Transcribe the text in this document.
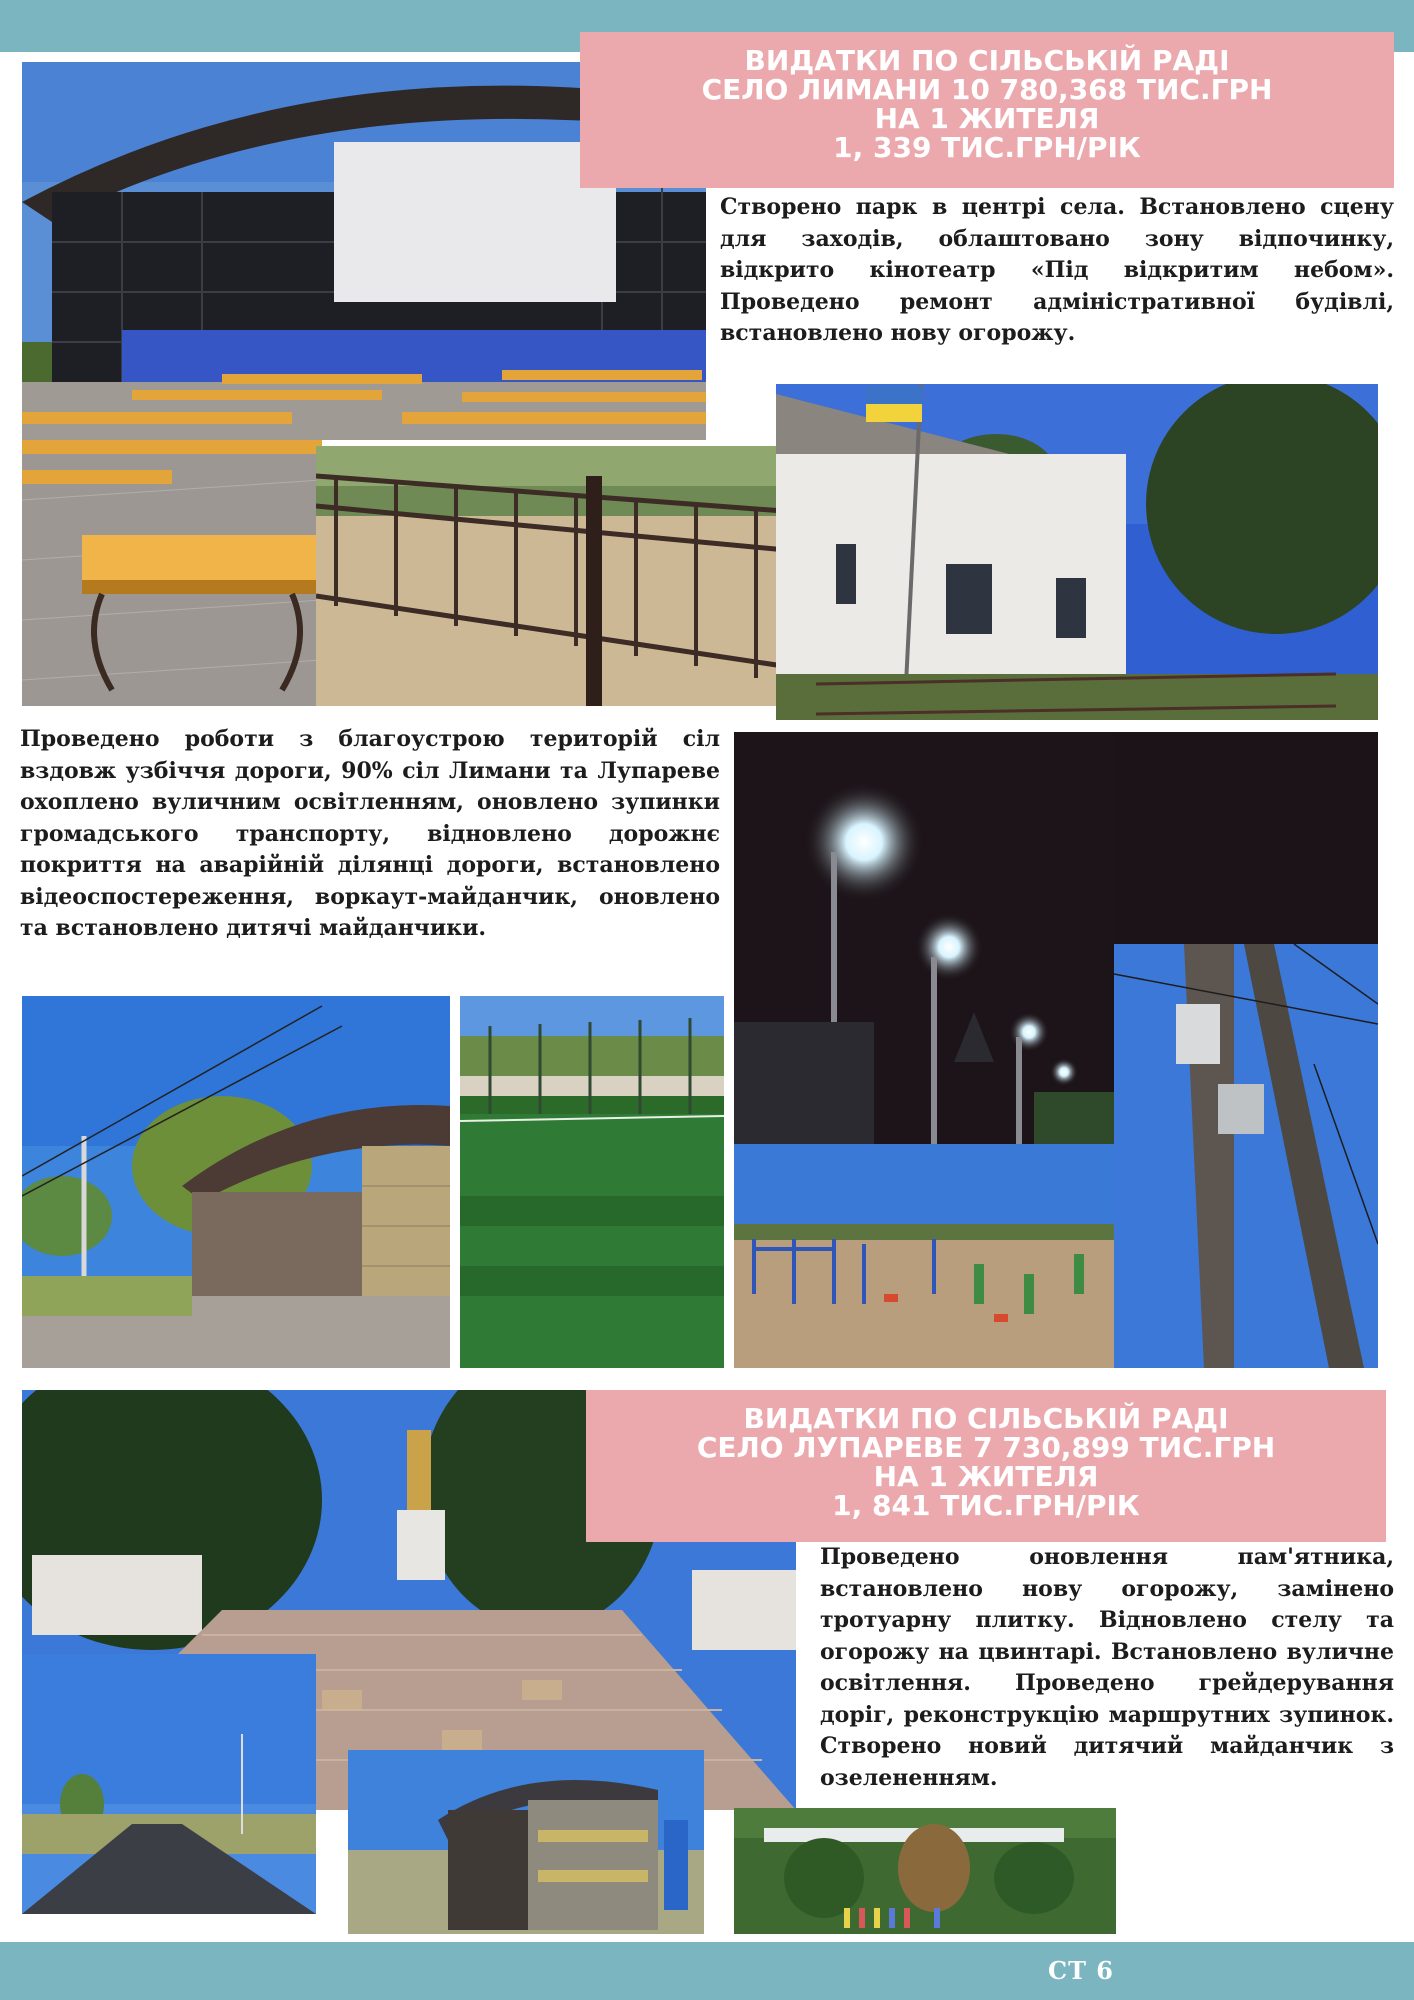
ВИДАТКИ ПО СІЛЬСЬКІЙ РАДІ
СЕЛО ЛИМАНИ 10 780,368 ТИС.ГРН
НА 1 ЖИТЕЛЯ
1, 339 ТИС.ГРН/РІК
ВИДАТКИ ПО СІЛЬСЬКІЙ РАДІ
СЕЛО ЛУПАРЕВЕ 7 730,899 ТИС.ГРН
НА 1 ЖИТЕЛЯ
1, 841 ТИС.ГРН/РІК
Створено парк в центрі села. Встановлено сцену для заходів, облаштовано зону відпочинку, відкрито кінотеатр «Під відкритим небом». Проведено ремонт адміністративної будівлі, встановлено нову огорожу.
Проведено роботи з благоустрою територій сіл вздовж узбіччя дороги, 90% сіл Лимани та Лупареве охоплено вуличним освітленням, оновлено зупинки громадського транспорту, відновлено дорожнє покриття на аварійній ділянці дороги, встановлено відеоспостереження, воркаут-майданчик, оновлено та встановлено дитячі майданчики.
Проведено оновлення пам'ятника, встановлено нову огорожу, замінено тротуарну плитку. Відновлено стелу та огорожу на цвинтарі. Встановлено вуличне освітлення. Проведено грейдерування доріг, реконструкцію маршрутних зупинок. Створено новий дитячий майданчик з озелененням.
СТ 6
